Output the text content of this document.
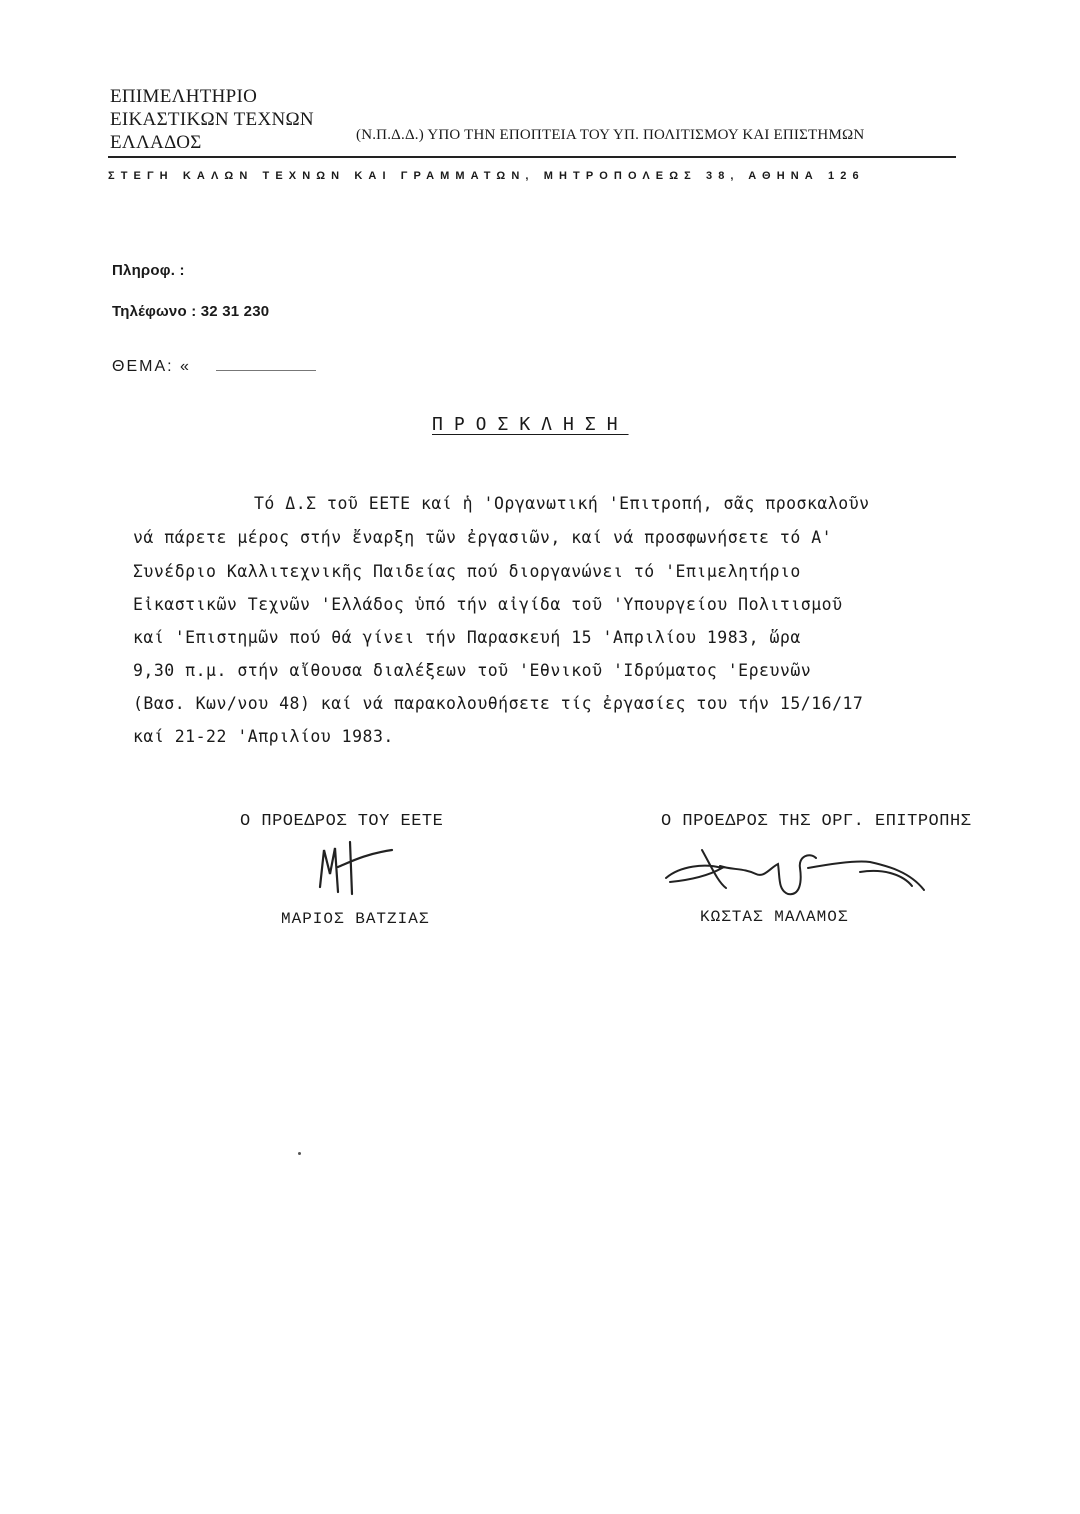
ΕΠΙΜΕΛΗΤΗΡΙΟ
ΕΙΚΑΣΤΙΚΩΝ ΤΕΧΝΩΝ
ΕΛΛΑΔΟΣ	(Ν.Π.Δ.Δ.) ΥΠΟ ΤΗΝ ΕΠΟΠΤΕΙΑ ΤΟΥ ΥΠ. ΠΟΛΙΤΙΣΜΟΥ ΚΑΙ ΕΠΙΣΤΗΜΩΝ
ΣΤΕΓΗ ΚΑΛΩΝ ΤΕΧΝΩΝ ΚΑΙ ΓΡΑΜΜΑΤΩΝ, ΜΗΤΡΟΠΟΛΕΩΣ 38, ΑΘΗΝΑ 126
Πληροφ. :
Τηλέφωνο : 32 31 230
ΘΕΜΑ: «
ΠΡΟΣΚΛΗΣΗ
Τό Δ.Σ τοῦ ΕΕΤΕ καί ἡ 'Οργανωτική 'Επιτροπή, σᾶς προσκαλοῦν
νά πάρετε μέρος στήν ἔναρξη τῶν ἐργασιῶν, καί νά προσφωνήσετε τό Α'
Συνέδριο Καλλιτεχνικῆς Παιδείας πού διοργανώνει τό 'Επιμελητήριο
Εἰκαστικῶν Τεχνῶν 'Ελλάδος ὑπό τήν αἰγίδα τοῦ 'Υπουργείου Πολιτισμοῦ
καί 'Επιστημῶν πού θά γίνει τήν Παρασκευή 15 'Απριλίου 1983, ὥρα
9,30 π.μ. στήν αἴθουσα διαλέξεων τοῦ 'Εθνικοῦ 'Ιδρύματος 'Ερευνῶν
(Βασ. Κων/νου 48) καί νά παρακολουθήσετε τίς ἐργασίες του τήν 15/16/17
καί 21-22 'Απριλίου 1983.
Ο ΠΡΟΕΔΡΟΣ ΤΟΥ ΕΕΤΕ	Ο ΠΡΟΕΔΡΟΣ ΤΗΣ ΟΡΓ. ΕΠΙΤΡΟΠΗΣ
ΜΑΡΙΟΣ ΒΑΤΖΙΑΣ	ΚΩΣΤΑΣ ΜΑΛΑΜΟΣ
